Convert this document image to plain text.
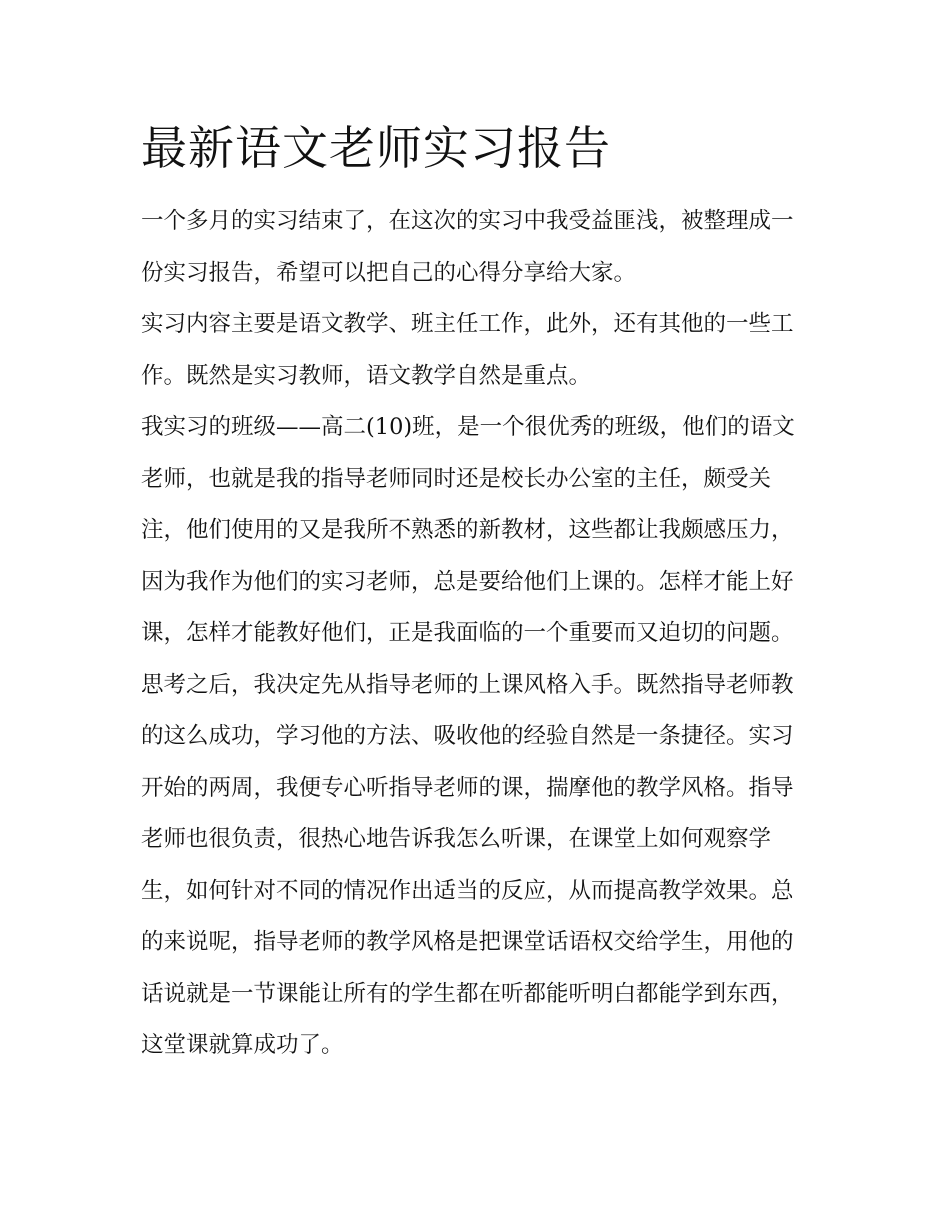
最新语文老师实习报告

一个多月的实习结束了，在这次的实习中我受益匪浅，被整理成一份实习报告，希望可以把自己的心得分享给大家。

实习内容主要是语文教学、班主任工作，此外，还有其他的一些工作。既然是实习教师，语文教学自然是重点。

我实习的班级——高二(10)班，是一个很优秀的班级，他们的语文老师，也就是我的指导老师同时还是校长办公室的主任，颇受关注，他们使用的又是我所不熟悉的新教材，这些都让我颇感压力，因为我作为他们的实习老师，总是要给他们上课的。怎样才能上好课，怎样才能教好他们，正是我面临的一个重要而又迫切的问题。

思考之后，我决定先从指导老师的上课风格入手。既然指导老师教的这么成功，学习他的方法、吸收他的经验自然是一条捷径。实习开始的两周，我便专心听指导老师的课，揣摩他的教学风格。指导老师也很负责，很热心地告诉我怎么听课，在课堂上如何观察学生，如何针对不同的情况作出适当的反应，从而提高教学效果。总的来说呢，指导老师的教学风格是把课堂话语权交给学生，用他的话说就是一节课能让所有的学生都在听都能听明白都能学到东西，这堂课就算成功了。
